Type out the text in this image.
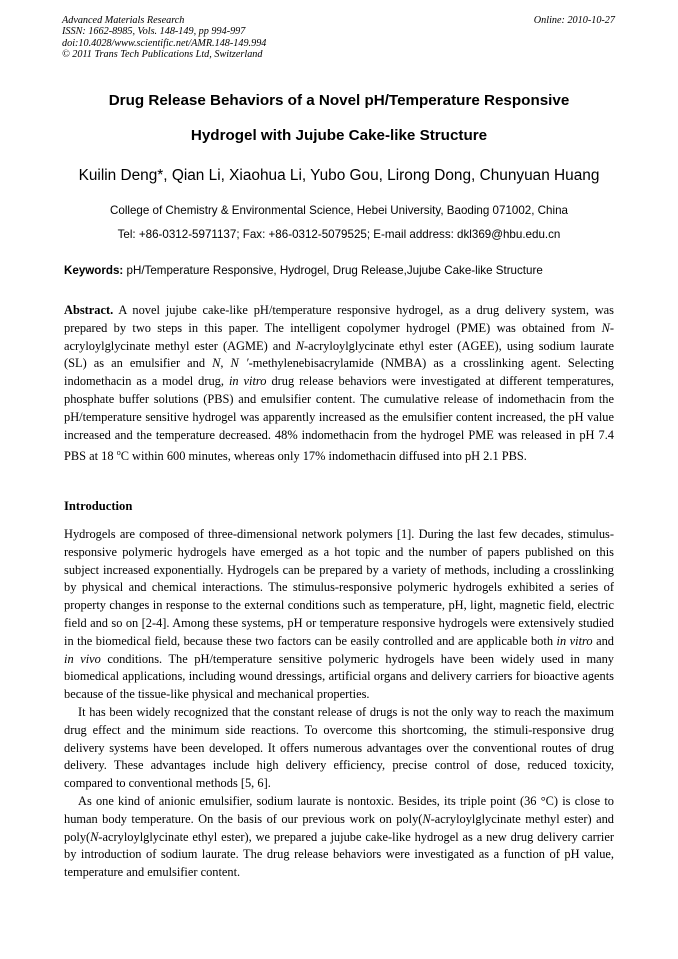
Advanced Materials Research
ISSN: 1662-8985, Vols. 148-149, pp 994-997
doi:10.4028/www.scientific.net/AMR.148-149.994
© 2011 Trans Tech Publications Ltd, Switzerland
Online: 2010-10-27
Drug Release Behaviors of a Novel pH/Temperature Responsive
Hydrogel with Jujube Cake-like Structure
Kuilin Deng*, Qian Li, Xiaohua Li, Yubo Gou, Lirong Dong, Chunyuan Huang
College of Chemistry & Environmental Science, Hebei University, Baoding 071002, China
Tel: +86-0312-5971137; Fax: +86-0312-5079525; E-mail address: dkl369@hbu.edu.cn
Keywords: pH/Temperature Responsive, Hydrogel, Drug Release,Jujube Cake-like Structure

Abstract. A novel jujube cake-like pH/temperature responsive hydrogel, as a drug delivery system, was prepared by two steps in this paper. The intelligent copolymer hydrogel (PME) was obtained from N-acryloylglycinate methyl ester (AGME) and N-acryloylglycinate ethyl ester (AGEE), using sodium laurate (SL) as an emulsifier and N, N ′-methylenebisacrylamide (NMBA) as a crosslinking agent. Selecting indomethacin as a model drug, in vitro drug release behaviors were investigated at different temperatures, phosphate buffer solutions (PBS) and emulsifier content. The cumulative release of indomethacin from the pH/temperature sensitive hydrogel was apparently increased as the emulsifier content increased, the pH value increased and the temperature decreased. 48% indomethacin from the hydrogel PME was released in pH 7.4 PBS at 18 $^o$C within 600 minutes, whereas only 17% indomethacin diffused into pH 2.1 PBS.

Introduction

Hydrogels are composed of three-dimensional network polymers [1]. During the last few decades, stimulus-responsive polymeric hydrogels have emerged as a hot topic and the number of papers published on this subject increased exponentially. Hydrogels can be prepared by a variety of methods, including a crosslinking by physical and chemical interactions. The stimulus-responsive polymeric hydrogels exhibited a series of property changes in response to the external conditions such as temperature, pH, light, magnetic field, electric field and so on [2-4]. Among these systems, pH or temperature responsive hydrogels were extensively studied in the biomedical field, because these two factors can be easily controlled and are applicable both in vitro and in vivo conditions. The pH/temperature sensitive polymeric hydrogels have been widely used in many biomedical applications, including wound dressings, artificial organs and delivery carriers for bioactive agents because of the tissue-like physical and mechanical properties.

It has been widely recognized that the constant release of drugs is not the only way to reach the maximum drug effect and the minimum side reactions. To overcome this shortcoming, the stimuli-responsive drug delivery systems have been developed. It offers numerous advantages over the conventional routes of drug delivery. These advantages include high delivery efficiency, precise control of dose, reduced toxicity, compared to conventional methods [5, 6].

As one kind of anionic emulsifier, sodium laurate is nontoxic. Besides, its triple point (36 °C) is close to human body temperature. On the basis of our previous work on poly(N-acryloylglycinate methyl ester) and poly(N-acryloylglycinate ethyl ester), we prepared a jujube cake-like hydrogel as a new drug delivery carrier by introduction of sodium laurate. The drug release behaviors were investigated as a function of pH value, temperature and emulsifier content.
